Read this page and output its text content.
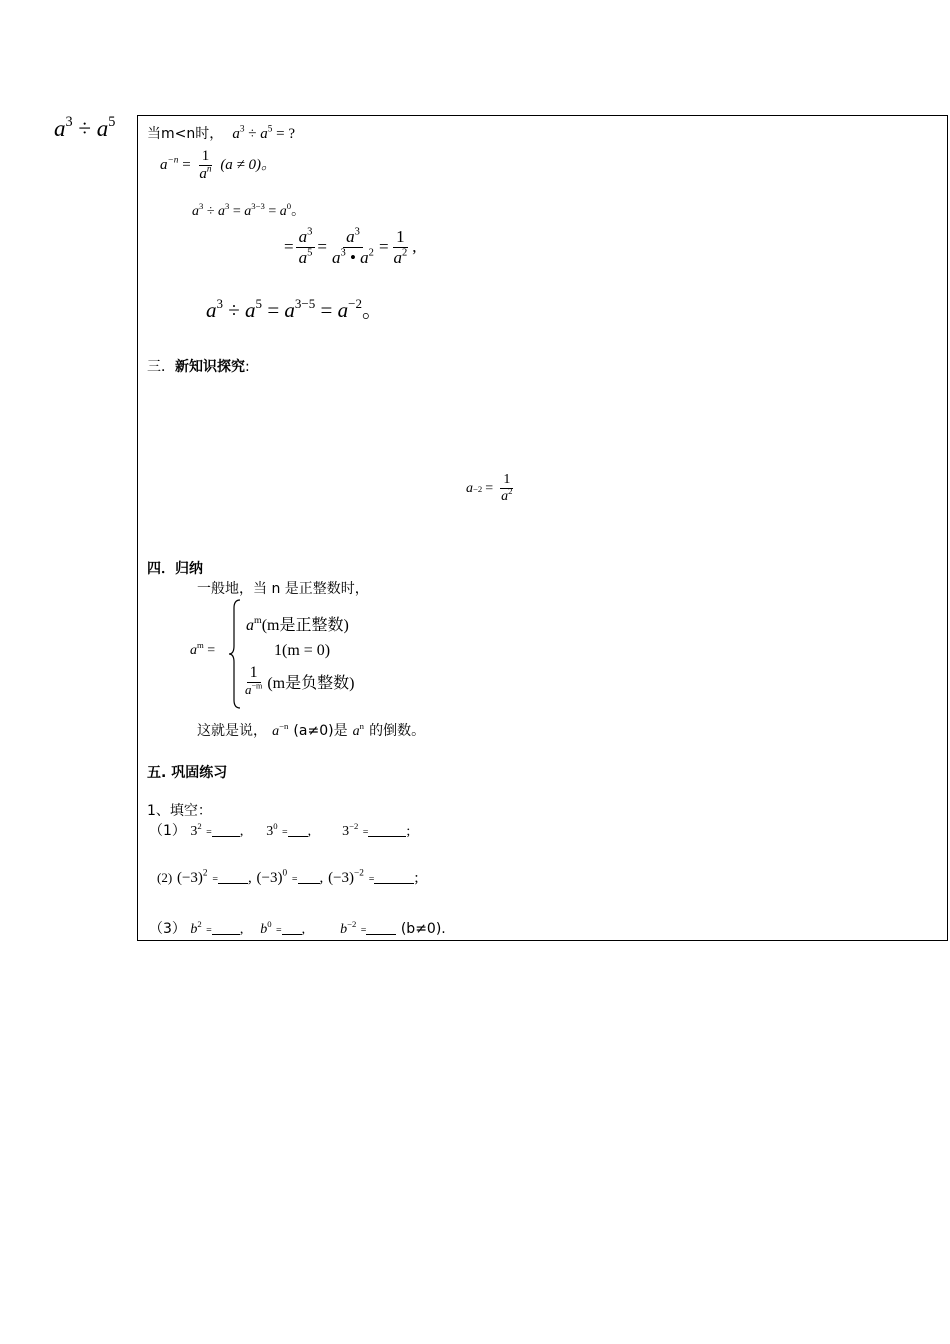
$a^3 \div a^5$
当m<n时， $a^3 \div a^5$ = ?
$a^{-n} = \frac{1}{a^n} (a \ne 0)$。
$a^3 \div a^3 = a^{3-3} = a^0$。
= $\frac{a^3}{a^5} = \frac{a^3}{a^3 • a^2} = \frac{1}{a^2}$ ,
$a^3 \div a^5 = a^{3-5} = a^{-2}$。
三．新知识探究:
$a -2 = \frac{1}{a^2}$
四．归纳
一般地，当 n 是正整数时，
$a^m$ =
$a^m(m$是正整数)
1(m = 0)
$\frac{1}{a^{-m}} (m$是负整数)
这就是说， $a^{-n}$ (a≠0)是 $a^n$ 的倒数。
五. 巩固练习
1、填空：
（1） $3^2$ = , $3^0$ = , $3^{-2}$ =	;
(2) $(-3)^2$ = , $(-3)^0$ = , $(-3)^{-2}$ =	;
（3） $b^2$ = , $b^0$ = , $b^{-2} = (b\ne 0)$.
